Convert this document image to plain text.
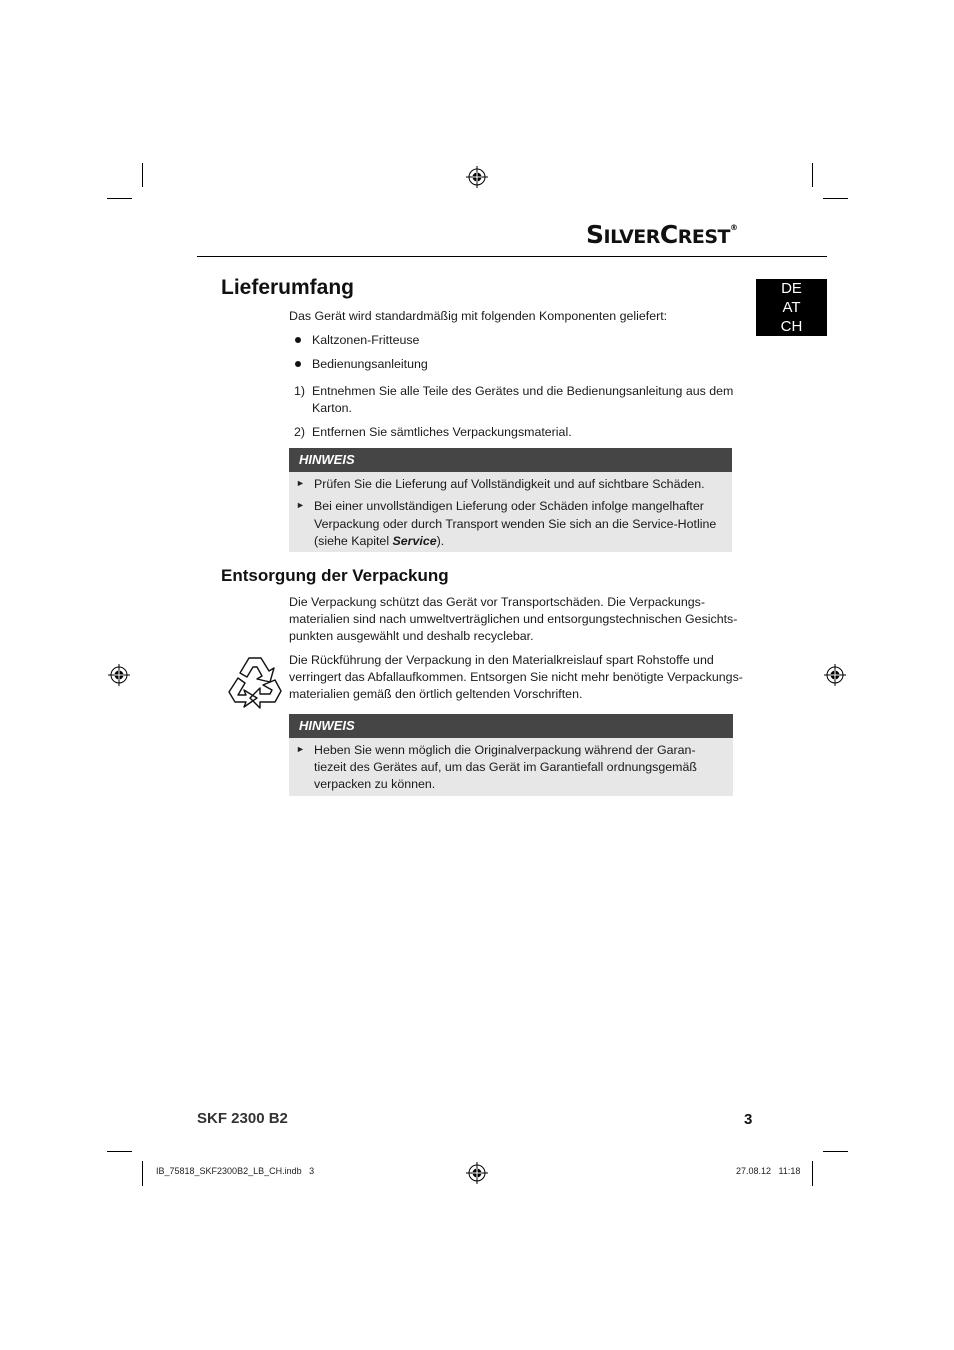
SILVERCREST®
DE
AT
CH
Lieferumfang
Das Gerät wird standardmäßig mit folgenden Komponenten geliefert:
Kaltzonen-Fritteuse
Bedienungsanleitung
1) Entnehmen Sie alle Teile des Gerätes und die Bedienungsanleitung aus dem
Karton.
2) Entfernen Sie sämtliches Verpackungsmaterial.
HINWEIS
► Prüfen Sie die Lieferung auf Vollständigkeit und auf sichtbare Schäden.
► Bei einer unvollständigen Lieferung oder Schäden infolge mangelhafter
Verpackung oder durch Transport wenden Sie sich an die Service-Hotline
(siehe Kapitel Service).
Entsorgung der Verpackung
Die Verpackung schützt das Gerät vor Transportschäden. Die Verpackungs-
materialien sind nach umweltverträglichen und entsorgungstechnischen Gesichts-
punkten ausgewählt und deshalb recyclebar.
Die Rückführung der Verpackung in den Materialkreislauf spart Rohstoffe und
verringert das Abfallaufkommen. Entsorgen Sie nicht mehr benötigte Verpackungs-
materialien gemäß den örtlich geltenden Vorschriften.
HINWEIS
► Heben Sie wenn möglich die Originalverpackung während der Garan-
tiezeit des Gerätes auf, um das Gerät im Garantiefall ordnungsgemäß
verpacken zu können.
SKF 2300 B2	3
IB_75818_SKF2300B2_LB_CH.indb   3	27.08.12   11:18
